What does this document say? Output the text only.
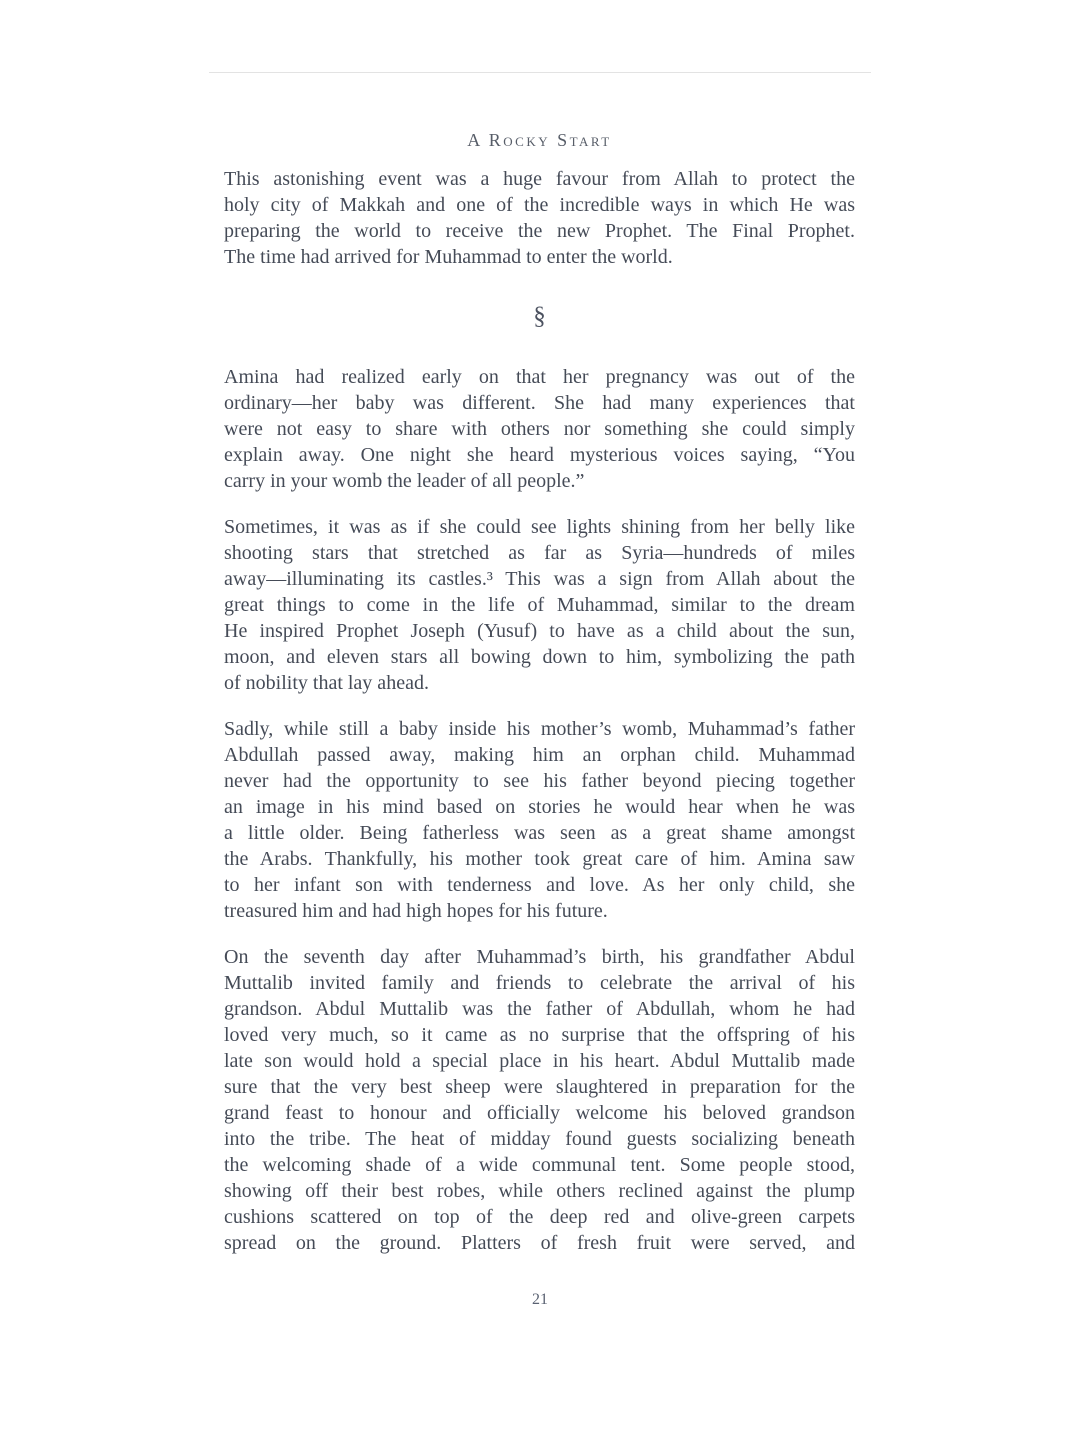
A Rocky Start
This astonishing event was a huge favour from Allah to protect the
holy city of Makkah and one of the incredible ways in which He was
preparing the world to receive the new Prophet. The Final Prophet.
The time had arrived for Muhammad to enter the world.
§
Amina had realized early on that her pregnancy was out of the
ordinary—her baby was different. She had many experiences that
were not easy to share with others nor something she could simply
explain away. One night she heard mysterious voices saying, “You
carry in your womb the leader of all people.”
Sometimes, it was as if she could see lights shining from her belly like
shooting stars that stretched as far as Syria—hundreds of miles
away—illuminating its castles.³ This was a sign from Allah about the
great things to come in the life of Muhammad, similar to the dream
He inspired Prophet Joseph (Yusuf) to have as a child about the sun,
moon, and eleven stars all bowing down to him, symbolizing the path
of nobility that lay ahead.
Sadly, while still a baby inside his mother’s womb, Muhammad’s father
Abdullah passed away, making him an orphan child. Muhammad
never had the opportunity to see his father beyond piecing together
an image in his mind based on stories he would hear when he was
a little older. Being fatherless was seen as a great shame amongst
the Arabs. Thankfully, his mother took great care of him. Amina saw
to her infant son with tenderness and love. As her only child, she
treasured him and had high hopes for his future.
On the seventh day after Muhammad’s birth, his grandfather Abdul
Muttalib invited family and friends to celebrate the arrival of his
grandson. Abdul Muttalib was the father of Abdullah, whom he had
loved very much, so it came as no surprise that the offspring of his
late son would hold a special place in his heart. Abdul Muttalib made
sure that the very best sheep were slaughtered in preparation for the
grand feast to honour and officially welcome his beloved grandson
into the tribe. The heat of midday found guests socializing beneath
the welcoming shade of a wide communal tent. Some people stood,
showing off their best robes, while others reclined against the plump
cushions scattered on top of the deep red and olive-green carpets
spread on the ground. Platters of fresh fruit were served, and
21
